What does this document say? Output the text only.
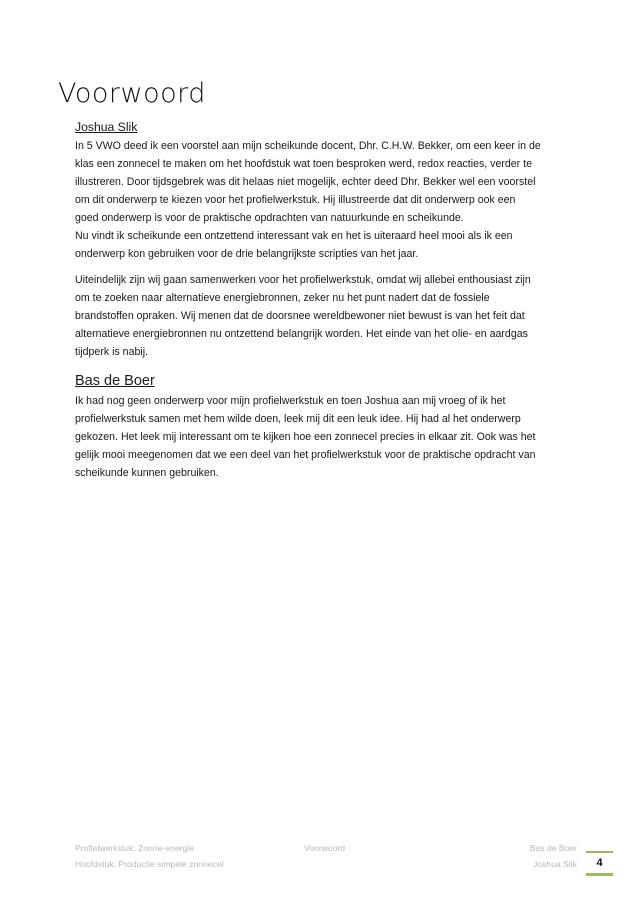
Voorwoord
Joshua Slik
In 5 VWO deed ik een voorstel aan mijn scheikunde docent, Dhr. C.H.W. Bekker, om een keer in de
klas een zonnecel te maken om het hoofdstuk wat toen besproken werd, redox reacties, verder te
illustreren. Door tijdsgebrek was dit helaas niet mogelijk, echter deed Dhr. Bekker wel een voorstel
om dit onderwerp te kiezen voor het profielwerkstuk. Hij illustreerde dat dit onderwerp ook een
goed onderwerp is voor de praktische opdrachten van natuurkunde en scheikunde.
Nu vindt ik scheikunde een ontzettend interessant vak en het is uiteraard heel mooi als ik een
onderwerp kon gebruiken voor de drie belangrijkste scripties van het jaar.
Uiteindelijk zijn wij gaan samenwerken voor het profielwerkstuk, omdat wij allebei enthousiast zijn
om te zoeken naar alternatieve energiebronnen, zeker nu het punt nadert dat de fossiele
brandstoffen opraken. Wij menen dat de doorsnee wereldbewoner niet bewust is van het feit dat
alternatieve energiebronnen nu ontzettend belangrijk worden. Het einde van het olie- en aardgas
tijdperk is nabij.
Bas de Boer
Ik had nog geen onderwerp voor mijn profielwerkstuk en toen Joshua aan mij vroeg of ik het
profielwerkstuk samen met hem wilde doen, leek mij dit een leuk idee. Hij had al het onderwerp
gekozen. Het leek mij interessant om te kijken hoe een zonnecel precies in elkaar zit. Ook was het
gelijk mooi meegenomen dat we een deel van het profielwerkstuk voor de praktische opdracht van
scheikunde kunnen gebruiken.
Profielwerkstuk: Zonne-energie
Hoofdstuk: Productie simpele zonnecel
Voorwoord	Bas de Boer
Joshua Slik	4
